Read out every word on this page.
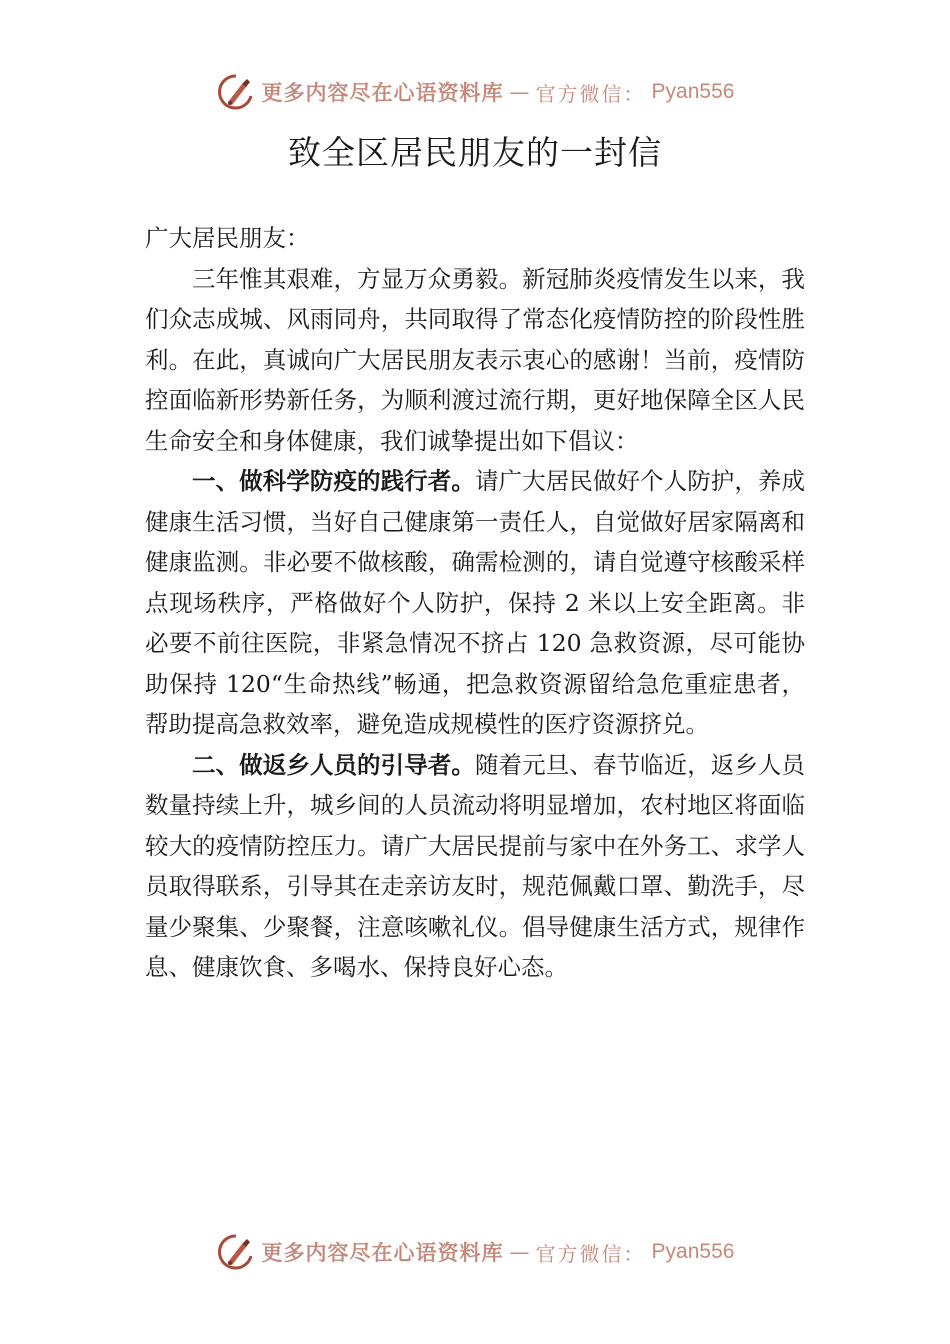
更多内容尽在心语资料库 — 官方微信： Pyan556
致全区居民朋友的一封信

广大居民朋友：

三年惟其艰难，方显万众勇毅。新冠肺炎疫情发生以来，我们众志成城、风雨同舟，共同取得了常态化疫情防控的阶段性胜利。在此，真诚向广大居民朋友表示衷心的感谢！当前，疫情防控面临新形势新任务，为顺利渡过流行期，更好地保障全区人民生命安全和身体健康，我们诚挚提出如下倡议：

一、做科学防疫的践行者。请广大居民做好个人防护，养成健康生活习惯，当好自己健康第一责任人，自觉做好居家隔离和健康监测。非必要不做核酸，确需检测的，请自觉遵守核酸采样点现场秩序，严格做好个人防护，保持 2 米以上安全距离。非必要不前往医院，非紧急情况不挤占 120 急救资源，尽可能协助保持 120“生命热线”畅通，把急救资源留给急危重症患者，帮助提高急救效率，避免造成规模性的医疗资源挤兑。

二、做返乡人员的引导者。随着元旦、春节临近，返乡人员数量持续上升，城乡间的人员流动将明显增加，农村地区将面临较大的疫情防控压力。请广大居民提前与家中在外务工、求学人员取得联系，引导其在走亲访友时，规范佩戴口罩、勤洗手，尽量少聚集、少聚餐，注意咳嗽礼仪。倡导健康生活方式，规律作息、健康饮食、多喝水、保持良好心态。

更多内容尽在心语资料库 — 官方微信： Pyan556
